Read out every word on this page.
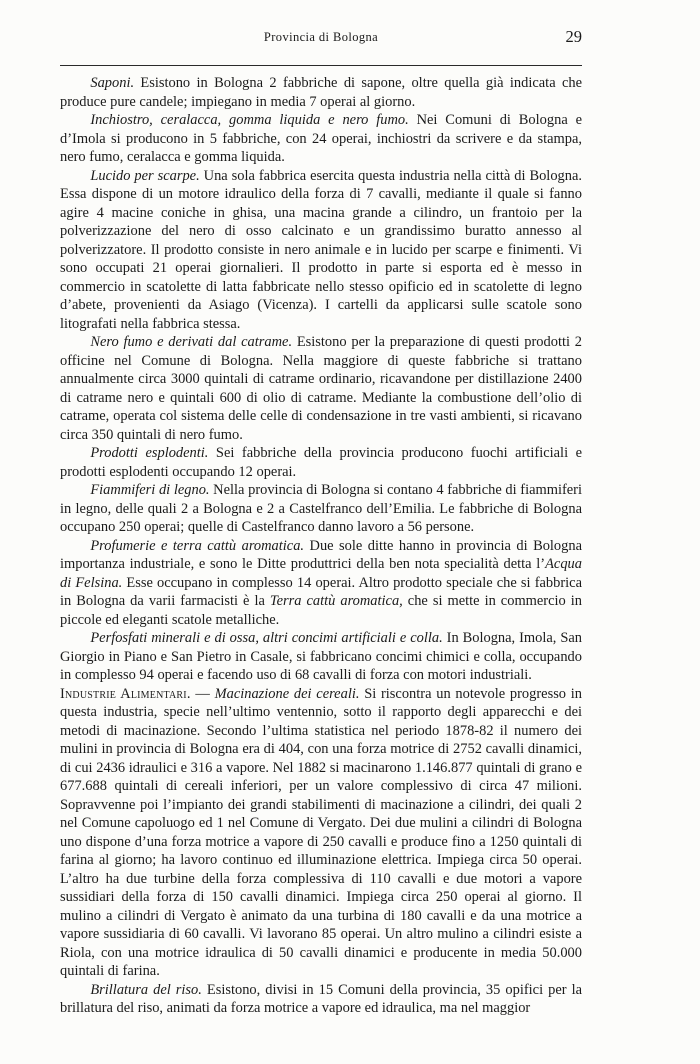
Provincia di Bologna	29

Saponi. Esistono in Bologna 2 fabbriche di sapone, oltre quella già indicata che produce pure candele; impiegano in media 7 operai al giorno.

Inchiostro, ceralacca, gomma liquida e nero fumo. Nei Comuni di Bologna e d’Imola si producono in 5 fabbriche, con 24 operai, inchiostri da scrivere e da stampa, nero fumo, ceralacca e gomma liquida.

Lucido per scarpe. Una sola fabbrica esercita questa industria nella città di Bologna. Essa dispone di un motore idraulico della forza di 7 cavalli, mediante il quale si fanno agire 4 macine coniche in ghisa, una macina grande a cilindro, un frantoio per la polverizzazione del nero di osso calcinato e un grandissimo buratto annesso al polverizzatore. Il prodotto consiste in nero animale e in lucido per scarpe e finimenti. Vi sono occupati 21 operai giornalieri. Il prodotto in parte si esporta ed è messo in commercio in scatolette di latta fabbricate nello stesso opificio ed in scatolette di legno d’abete, provenienti da Asiago (Vicenza). I cartelli da applicarsi sulle scatole sono litografati nella fabbrica stessa.

Nero fumo e derivati dal catrame. Esistono per la preparazione di questi prodotti 2 officine nel Comune di Bologna. Nella maggiore di queste fabbriche si trattano annualmente circa 3000 quintali di catrame ordinario, ricavandone per distillazione 2400 di catrame nero e quintali 600 di olio di catrame. Mediante la combustione dell’olio di catrame, operata col sistema delle celle di condensazione in tre vasti ambienti, si ricavano circa 350 quintali di nero fumo.

Prodotti esplodenti. Sei fabbriche della provincia producono fuochi artificiali e prodotti esplodenti occupando 12 operai.

Fiammiferi di legno. Nella provincia di Bologna si contano 4 fabbriche di fiammiferi in legno, delle quali 2 a Bologna e 2 a Castelfranco dell’Emilia. Le fabbriche di Bologna occupano 250 operai; quelle di Castelfranco danno lavoro a 56 persone.

Profumerie e terra cattù aromatica. Due sole ditte hanno in provincia di Bologna importanza industriale, e sono le Ditte produttrici della ben nota specialità detta l’Acqua di Felsina. Esse occupano in complesso 14 operai. Altro prodotto speciale che si fabbrica in Bologna da varii farmacisti è la Terra cattù aromatica, che si mette in commercio in piccole ed eleganti scatole metalliche.

Perfosfati minerali e di ossa, altri concimi artificiali e colla. In Bologna, Imola, San Giorgio in Piano e San Pietro in Casale, si fabbricano concimi chimici e colla, occupando in complesso 94 operai e facendo uso di 68 cavalli di forza con motori industriali.

Industrie Alimentari. — Macinazione dei cereali. Si riscontra un notevole progresso in questa industria, specie nell’ultimo ventennio, sotto il rapporto degli apparecchi e dei metodi di macinazione. Secondo l’ultima statistica nel periodo 1878-82 il numero dei mulini in provincia di Bologna era di 404, con una forza motrice di 2752 cavalli dinamici, di cui 2436 idraulici e 316 a vapore. Nel 1882 si macinarono 1.146.877 quintali di grano e 677.688 quintali di cereali inferiori, per un valore complessivo di circa 47 milioni. Sopravvenne poi l’impianto dei grandi stabilimenti di macinazione a cilindri, dei quali 2 nel Comune capoluogo ed 1 nel Comune di Vergato. Dei due mulini a cilindri di Bologna uno dispone d’una forza motrice a vapore di 250 cavalli e produce fino a 1250 quintali di farina al giorno; ha lavoro continuo ed illuminazione elettrica. Impiega circa 50 operai. L’altro ha due turbine della forza complessiva di 110 cavalli e due motori a vapore sussidiari della forza di 150 cavalli dinamici. Impiega circa 250 operai al giorno. Il mulino a cilindri di Vergato è animato da una turbina di 180 cavalli e da una motrice a vapore sussidiaria di 60 cavalli. Vi lavorano 85 operai. Un altro mulino a cilindri esiste a Riola, con una motrice idraulica di 50 cavalli dinamici e producente in media 50.000 quintali di farina.

Brillatura del riso. Esistono, divisi in 15 Comuni della provincia, 35 opifici per la brillatura del riso, animati da forza motrice a vapore ed idraulica, ma nel maggior
